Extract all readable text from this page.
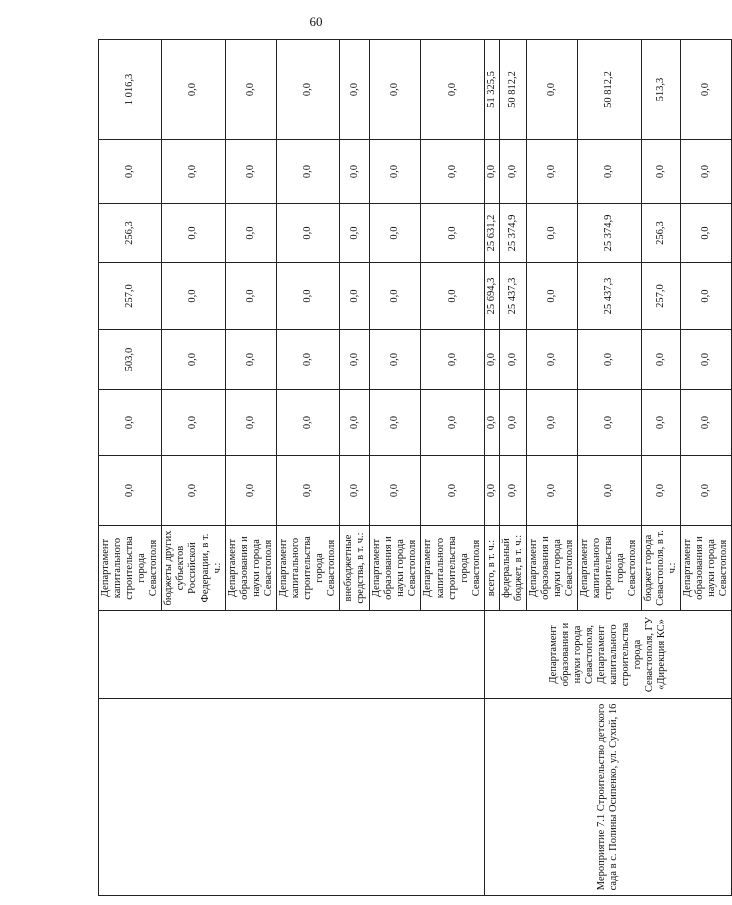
60
		Департамент капитального строительства города Севастополя	0,0	0,0	503,0	257,0	256,3	0,0	1 016,3
		бюджеты других субъектов Российской Федерации, в т. ч.:	0,0	0,0	0,0	0,0	0,0	0,0	0,0
		Департамент образования и науки города Севастополя	0,0	0,0	0,0	0,0	0,0	0,0	0,0
		Департамент капитального строительства города Севастополя	0,0	0,0	0,0	0,0	0,0	0,0	0,0
		внебюджетные средства, в т. ч.:	0,0	0,0	0,0	0,0	0,0	0,0	0,0
		Департамент образования и науки города Севастополя	0,0	0,0	0,0	0,0	0,0	0,0	0,0
		Департамент капитального строительства города Севастополя	0,0	0,0	0,0	0,0	0,0	0,0	0,0
Мероприятие 7.1 Строительство детского сада в с. Полины Осипенко, ул. Сухий, 16	Департамент образования и науки города Севастополя, Департамент капитального строительства города Севастополя, ГУ «Дирекция КС»	всего, в т. ч.:	0,0	0,0	0,0	25 694,3	25 631,2	0,0	51 325,5
		федеральный бюджет, в т. ч.:	0,0	0,0	0,0	25 437,3	25 374,9	0,0	50 812,2
		Департамент образования и науки города Севастополя	0,0	0,0	0,0	0,0	0,0	0,0	0,0
		Департамент капитального строительства города Севастополя	0,0	0,0	0,0	25 437,3	25 374,9	0,0	50 812,2
		бюджет города Севастополя, в т. ч.:	0,0	0,0	0,0	257,0	256,3	0,0	513,3
		Департамент образования и науки города Севастополя	0,0	0,0	0,0	0,0	0,0	0,0	0,0
